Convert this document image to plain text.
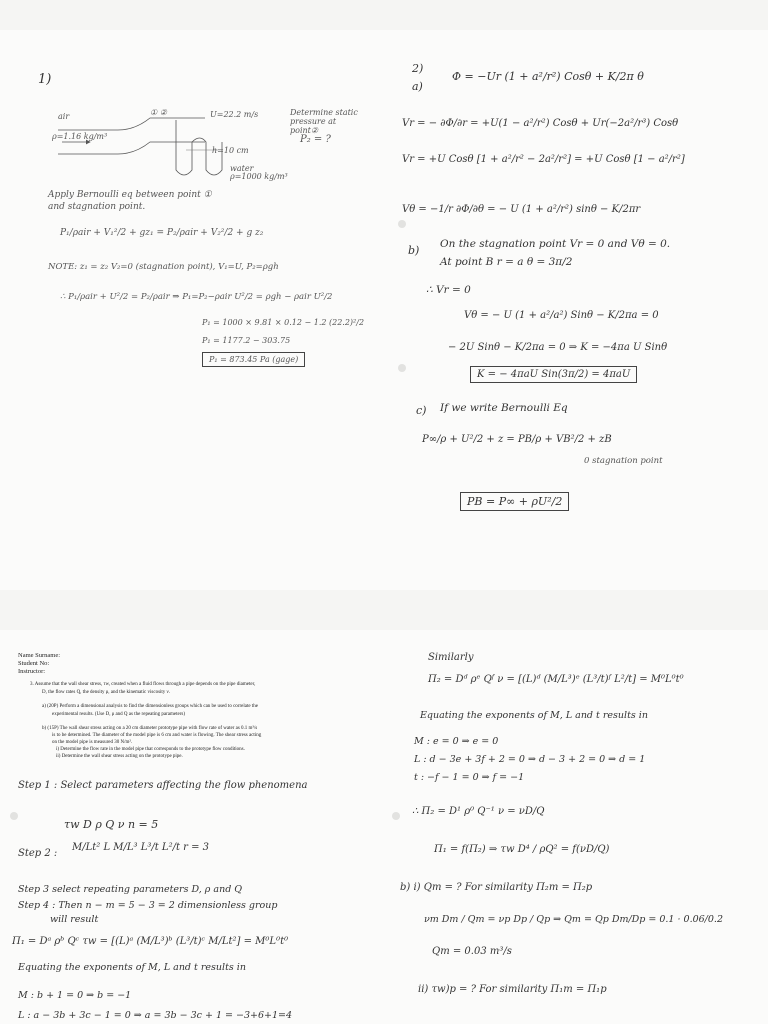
1)
air
ρ=1.16 kg/m³
① ②	U=22.2 m/s	Determine static pressure at point②
P₂ = ?
h=10 cm
water
ρ=1000 kg/m³
Apply Bernoulli eq between point ①
and stagnation point.
P₁/ρair + V₁²/2 + gz₁ = P₂/ρair + V₂²/2 + g z₂
NOTE: z₁ = z₂ V₂=0 (stagnation point), V₁=U, P₂=ρgh
∴ P₁/ρair + U²/2 = P₂/ρair ⇒ P₁=P₂−ρair U²/2 = ρgh − ρair U²/2
P₁ = 1000 × 9.81 × 0.12 − 1.2 (22.2)²/2
P₁ = 1177.2 − 303.75
P₁ = 873.45 Pa (gage)
2)
a)
Φ = −Ur (1 + a²/r²) Cosθ + K/2π θ
Vr = − ∂Φ/∂r = +U(1 − a²/r²) Cosθ + Ur(−2a²/r³) Cosθ
Vr = +U Cosθ [1 + a²/r² − 2a²/r²] = +U Cosθ [1 − a²/r²]
Vθ = −1/r ∂Φ/∂θ = − U (1 + a²/r²) sinθ − K/2πr
b) On the stagnation point Vr = 0 and Vθ = 0.
At point B r = a θ = 3π/2
∴ Vr = 0
Vθ = − U (1 + a²/a²) Sinθ − K/2πa = 0
− 2U Sinθ − K/2πa = 0 ⇒ K = −4πa U Sinθ
K = − 4πaU Sin(3π/2) = 4πaU
c) If we write Bernoulli Eq
P∞/ρ + U²/2 + z = PB/ρ + VB²/2 + zB
0 stagnation point
PB = P∞ + ρU²/2
Name Surname:
Student No:
Instructor:
3. Assume that the wall shear stress, τw, created when a fluid flows through a pipe depends on the pipe diameter,
D, the flow rates Q, the density ρ, and the kinematic viscosity ν.
a) (20P) Perform a dimensional analysis to find the dimensionless groups which can be used to correlate the
experimental results. (Use D, ρ and Q as the repeating parameters)
b) (15P) The wall shear stress acting on a 20 cm diameter prototype pipe with flow rate of water as 0.1 m³/s
is to be determined. The diameter of the model pipe is 6 cm and water is flowing. The shear stress acting
on the model pipe is measured 30 N/m².
i) Determine the flow rate in the model pipe that corresponds to the prototype flow conditions.
ii) Determine the wall shear stress acting on the prototype pipe.
Step 1 : Select parameters affecting the flow phenomena
τw D ρ Q ν n = 5
Step 2 :
M/Lt² L M/L³ L³/t L²/t r = 3
Step 3 select repeating parameters D, ρ and Q
Step 4 : Then n − m = 5 − 3 = 2 dimensionless group
will result
Π₁ = Dᵃ ρᵇ Qᶜ τw = [(L)ᵃ (M/L³)ᵇ (L³/t)ᶜ M/Lt²] = M⁰L⁰t⁰
Equating the exponents of M, L and t results in
M : b + 1 = 0 ⇒ b = −1
L : a − 3b + 3c − 1 = 0 ⇒ a = 3b − 3c + 1 = −3+6+1=4
Similarly
Π₂ = Dᵈ ρᵉ Qᶠ ν = [(L)ᵈ (M/L³)ᵉ (L³/t)ᶠ L²/t] = M⁰L⁰t⁰
Equating the exponents of M, L and t results in
M : e = 0 ⇒ e = 0
L : d − 3e + 3f + 2 = 0 ⇒ d − 3 + 2 = 0 ⇒ d = 1
t : −f − 1 = 0 ⇒ f = −1
∴ Π₂ = D¹ ρ⁰ Q⁻¹ ν = νD/Q
Π₁ = f(Π₂) ⇒ τw D⁴ / ρQ² = f(νD/Q)
b) i) Qm = ? For similarity Π₂m = Π₂p
νm Dm / Qm = νp Dp / Qp ⇒ Qm = Qp Dm/Dp = 0.1 · 0.06/0.2
Qm = 0.03 m³/s
ii) τw)p = ? For similarity Π₁m = Π₁p
